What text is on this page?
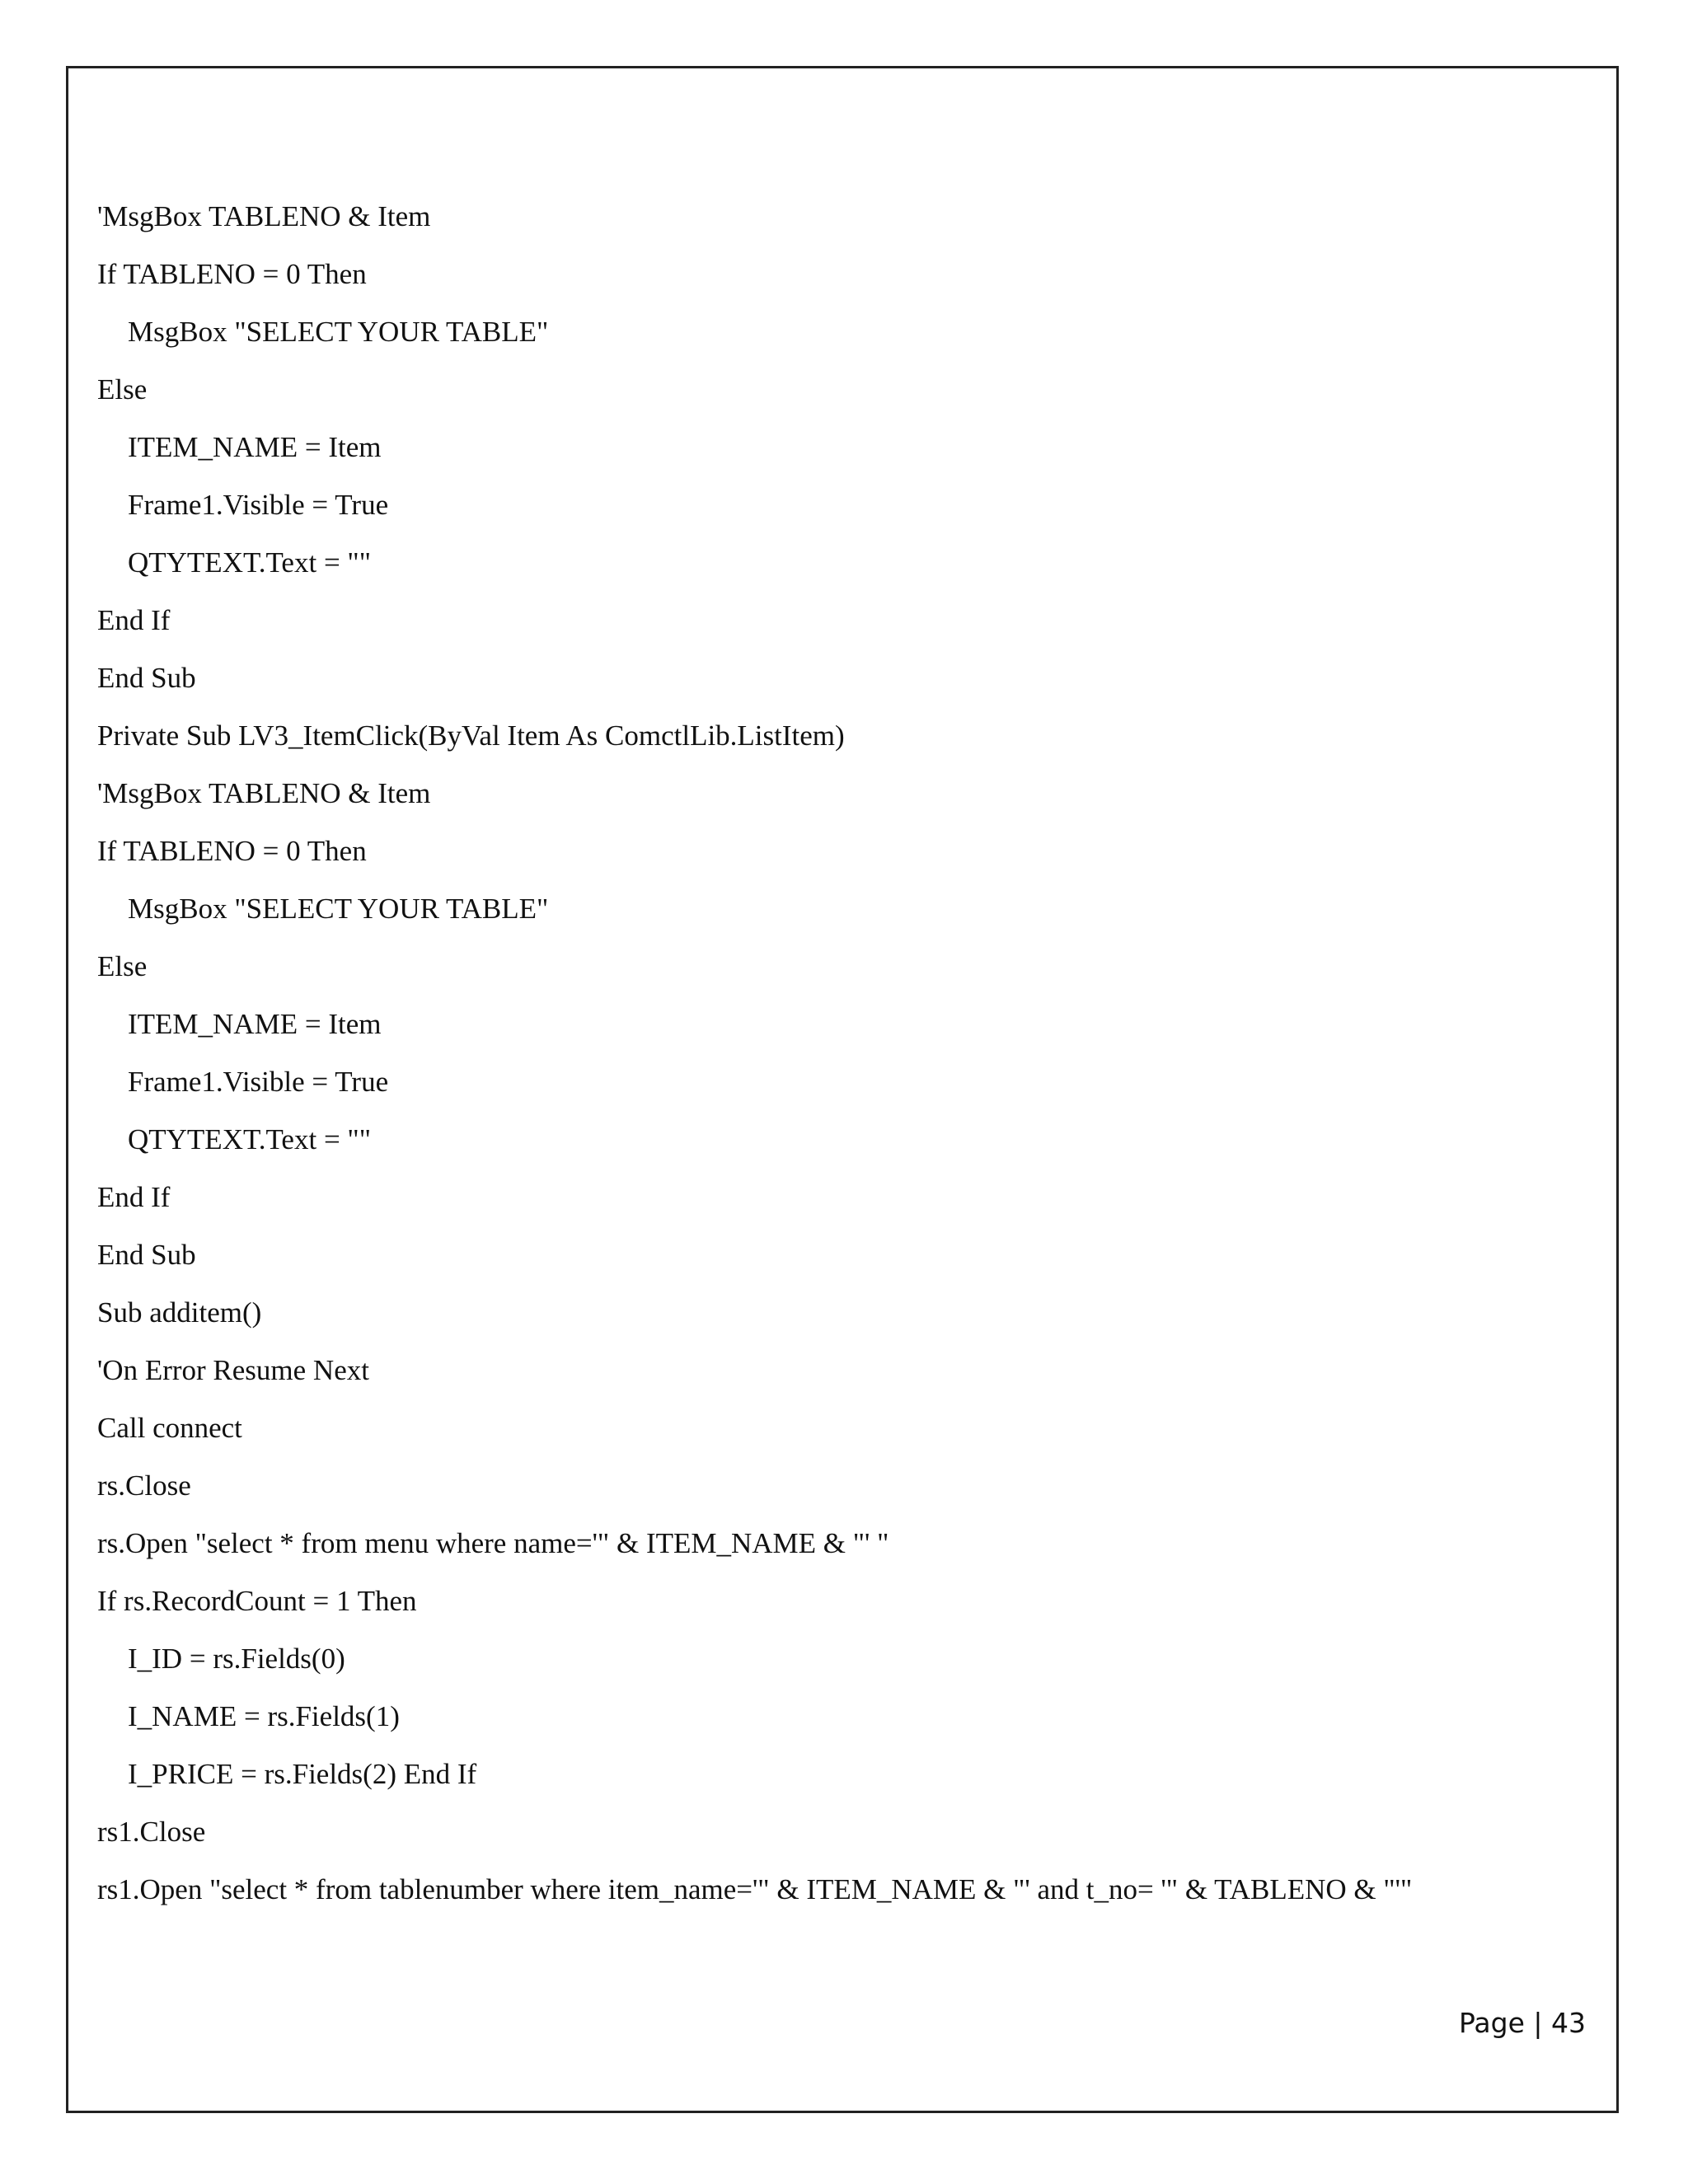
'MsgBox TABLENO & Item
If TABLENO = 0 Then
MsgBox "SELECT YOUR TABLE"
Else
ITEM_NAME = Item
Frame1.Visible = True
QTYTEXT.Text = ""
End If
End Sub
Private Sub LV3_ItemClick(ByVal Item As ComctlLib.ListItem)
'MsgBox TABLENO & Item
If TABLENO = 0 Then
MsgBox "SELECT YOUR TABLE"
Else
ITEM_NAME = Item
Frame1.Visible = True
QTYTEXT.Text = ""
End If
End Sub
Sub additem()
'On Error Resume Next
Call connect
rs.Close
rs.Open "select * from menu where name='" & ITEM_NAME & "' "
If rs.RecordCount = 1 Then
I_ID = rs.Fields(0)
I_NAME = rs.Fields(1)
I_PRICE = rs.Fields(2) End If
rs1.Close
rs1.Open "select * from tablenumber where item_name='" & ITEM_NAME & "' and t_no= '" & TABLENO & "'"
Page | 43
